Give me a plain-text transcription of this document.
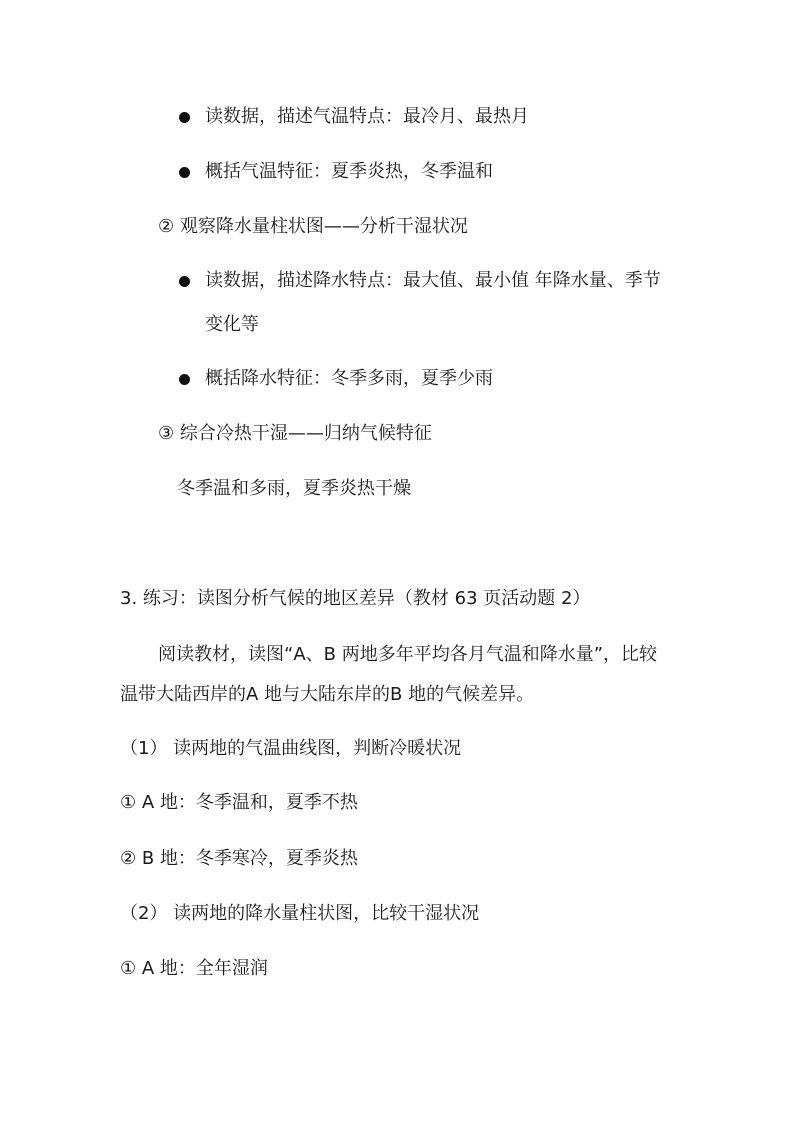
读数据，描述气温特点：最冷月、最热月
概括气温特征：夏季炎热，冬季温和
② 观察降水量柱状图——分析干湿状况
读数据，描述降水特点：最大值、最小值 年降水量、季节
变化等
概括降水特征：冬季多雨，夏季少雨
③ 综合冷热干湿——归纳气候特征
冬季温和多雨，夏季炎热干燥
3. 练习：读图分析气候的地区差异（教材 63 页活动题 2）
阅读教材，读图“A、B 两地多年平均各月气温和降水量”，比较
温带大陆西岸的A 地与大陆东岸的B 地的气候差异。
（1） 读两地的气温曲线图，判断冷暖状况
① A 地：冬季温和，夏季不热
② B 地：冬季寒冷，夏季炎热
（2） 读两地的降水量柱状图，比较干湿状况
① A 地：全年湿润
